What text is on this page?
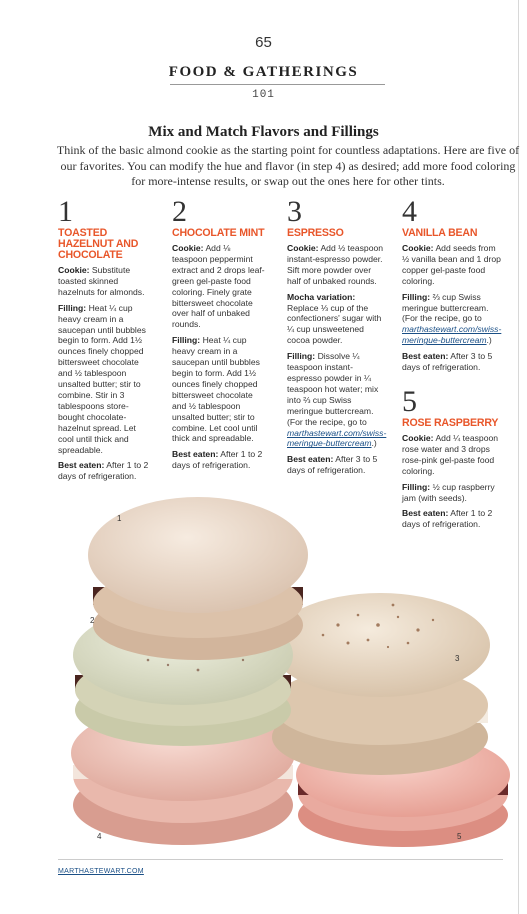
65
FOOD & GATHERINGS
101
Mix and Match Flavors and Fillings
Think of the basic almond cookie as the starting point for countless adaptations. Here are five of our favorites. You can modify the hue and flavor (in step 4) as desired; add more food coloring for more-intense results, or swap out the ones here for other tints.
1
TOASTED HAZELNUT AND CHOCOLATE

Cookie: Substitute toasted skinned hazelnuts for almonds.

Filling: Heat ¼ cup heavy cream in a saucepan until bubbles begin to form. Add 1½ ounces finely chopped bittersweet chocolate and ½ tablespoon unsalted butter; stir to combine. Stir in 3 tablespoons store-bought chocolate-hazelnut spread. Let cool until thick and spreadable.

Best eaten: After 1 to 2 days of refrigeration.

2
CHOCOLATE MINT

Cookie: Add ⅛ teaspoon peppermint extract and 2 drops leaf-green gel-paste food coloring. Finely grate bittersweet chocolate over half of unbaked rounds.

Filling: Heat ¼ cup heavy cream in a saucepan until bubbles begin to form. Add 1½ ounces finely chopped bittersweet chocolate and ½ tablespoon unsalted butter; stir to combine. Let cool until thick and spreadable.

Best eaten: After 1 to 2 days of refrigeration.

3
ESPRESSO

Cookie: Add ½ teaspoon instant-espresso powder. Sift more powder over half of unbaked rounds.

Mocha variation: Replace ⅓ cup of the confectioners' sugar with ¼ cup unsweetened cocoa powder.

Filling: Dissolve ¼ teaspoon instant-espresso powder in ¼ teaspoon hot water; mix into ⅔ cup Swiss meringue buttercream. (For the recipe, go to marthastewart.com/swiss-meringue-buttercream.)

Best eaten: After 3 to 5 days of refrigeration.

4
VANILLA BEAN

Cookie: Add seeds from ½ vanilla bean and 1 drop copper gel-paste food coloring.

Filling: ⅔ cup Swiss meringue buttercream. (For the recipe, go to marthastewart.com/swiss-meringue-buttercream.)

Best eaten: After 3 to 5 days of refrigeration.

5
ROSE RASPBERRY

Cookie: Add ¼ teaspoon rose water and 3 drops rose-pink gel-paste food coloring.

Filling: ½ cup raspberry jam (with seeds).

Best eaten: After 1 to 2 days of refrigeration.

1
2
3
4	5
MARTHASTEWART.COM
